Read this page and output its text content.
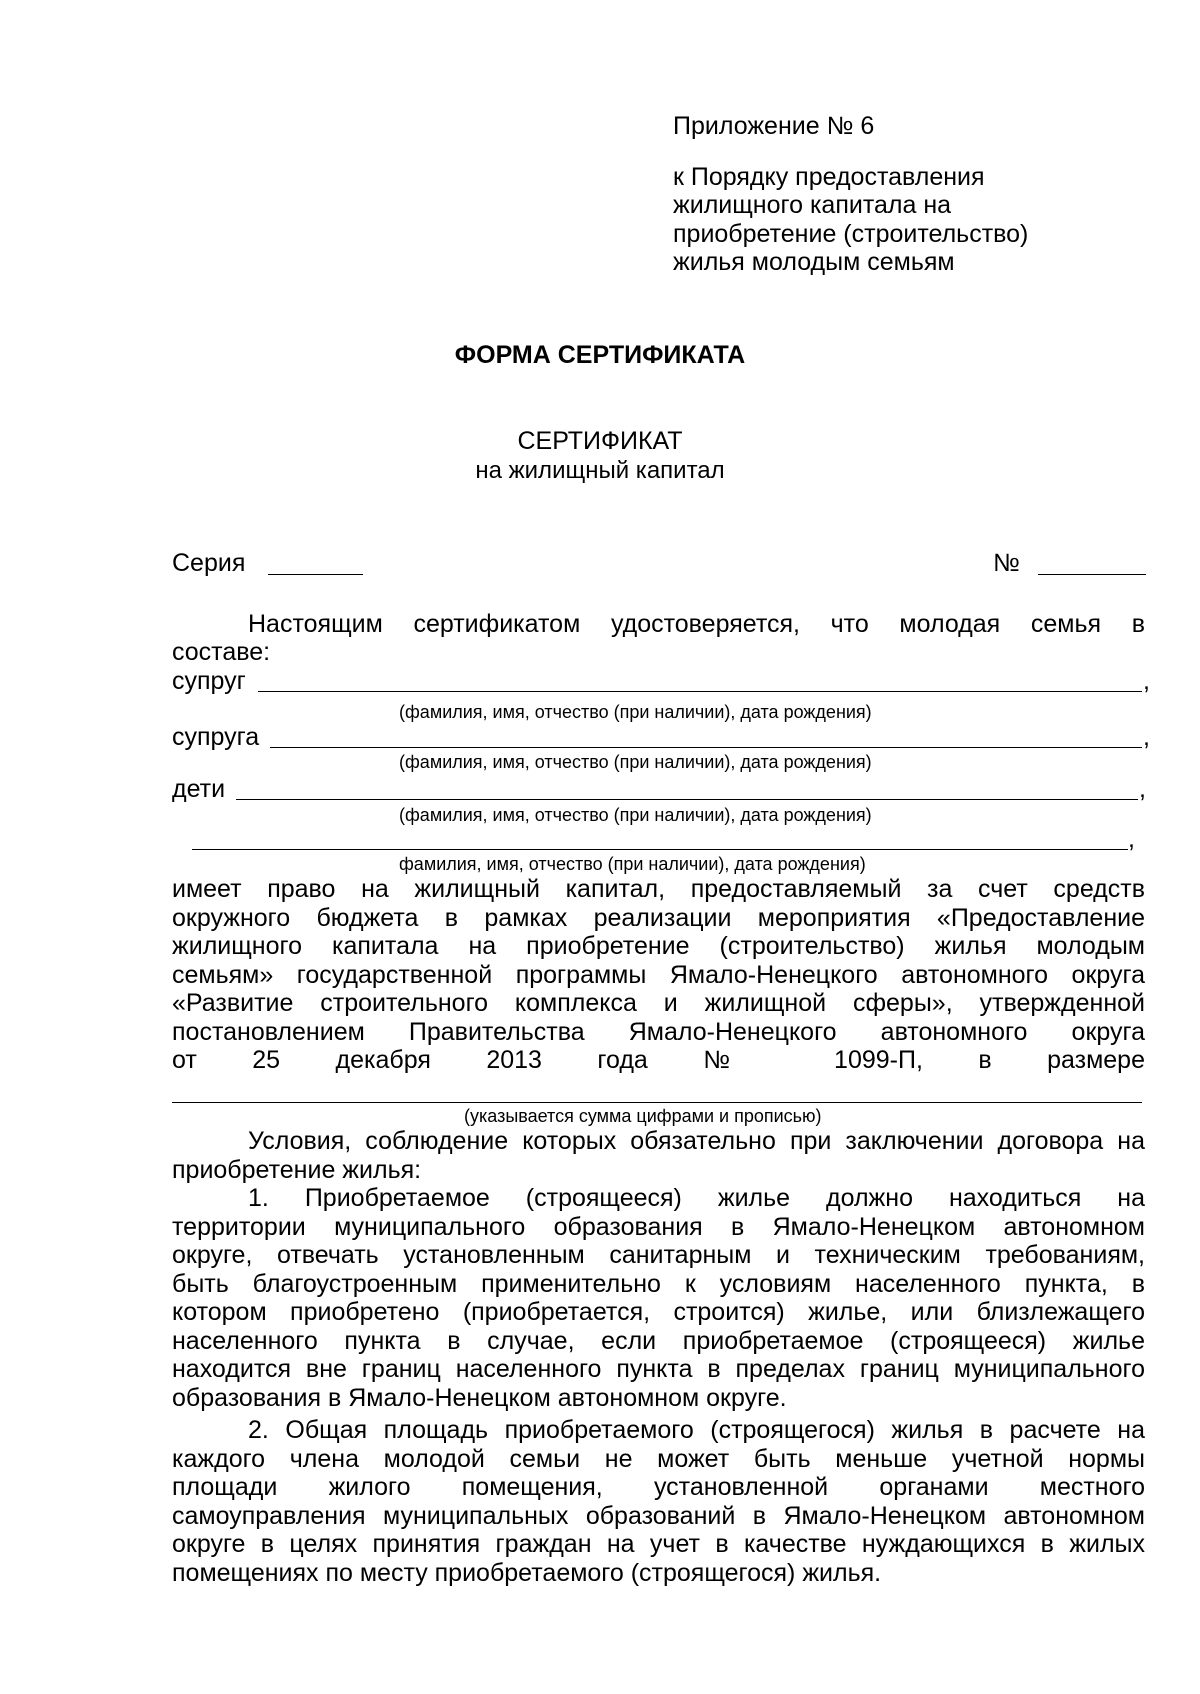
Приложение № 6
к Порядку предоставления
жилищного капитала на
приобретение (строительство)
жилья молодым семьям
ФОРМА СЕРТИФИКАТА
СЕРТИФИКАТ
на жилищный капитал
Серия	№
Настоящим сертификатом удостоверяется, что молодая семья в
составе:
супруг	,
(фамилия, имя, отчество (при наличии), дата рождения)
супруга	,
(фамилия, имя, отчество (при наличии), дата рождения)
дети	,
(фамилия, имя, отчество (при наличии), дата рождения)
,
фамилия, имя, отчество (при наличии), дата рождения)
имеет право на жилищный капитал, предоставляемый за счет средств
окружного бюджета в рамках реализации мероприятия «Предоставление
жилищного капитала на приобретение (строительство) жилья молодым
семьям» государственной программы Ямало-Ненецкого автономного округа
«Развитие строительного комплекса и жилищной сферы», утвержденной
постановлением Правительства Ямало-Ненецкого автономного округа
от 25 декабря 2013 года № 1099-П, в размере
(указывается сумма цифрами и прописью)
Условия, соблюдение которых обязательно при заключении договора на
приобретение жилья:
1. Приобретаемое (строящееся) жилье должно находиться на
территории муниципального образования в Ямало-Ненецком автономном
округе, отвечать установленным санитарным и техническим требованиям,
быть благоустроенным применительно к условиям населенного пункта, в
котором приобретено (приобретается, строится) жилье, или близлежащего
населенного пункта в случае, если приобретаемое (строящееся) жилье
находится вне границ населенного пункта в пределах границ муниципального
образования в Ямало-Ненецком автономном округе.
2. Общая площадь приобретаемого (строящегося) жилья в расчете на
каждого члена молодой семьи не может быть меньше учетной нормы
площади жилого помещения, установленной органами местного
самоуправления муниципальных образований в Ямало-Ненецком автономном
округе в целях принятия граждан на учет в качестве нуждающихся в жилых
помещениях по месту приобретаемого (строящегося) жилья.
